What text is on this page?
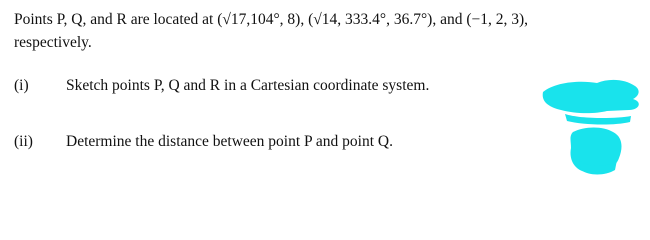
Points P, Q, and R are located at (√17,104°, 8), (√14, 333.4°, 36.7°), and (−1, 2, 3),
respectively.
(i) Sketch points P, Q and R in a Cartesian coordinate system.
(ii) Determine the distance between point P and point Q.
